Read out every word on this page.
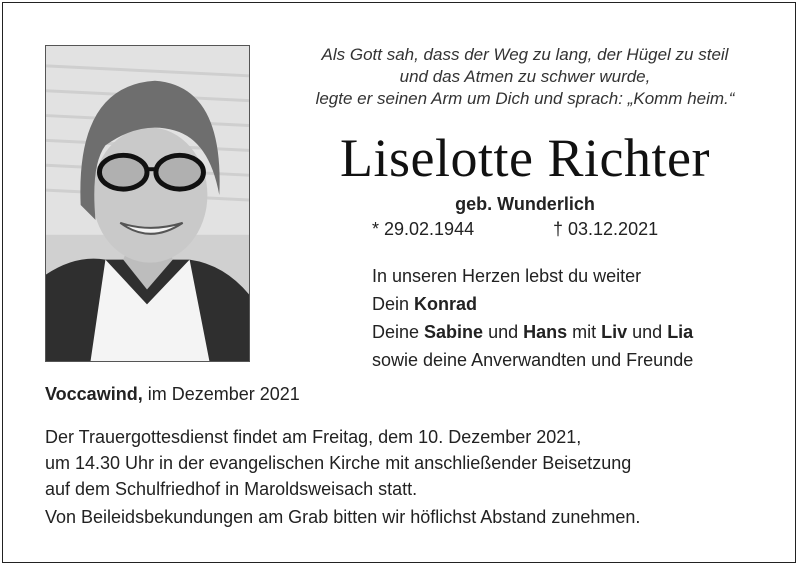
Als Gott sah, dass der Weg zu lang, der Hügel zu steil
und das Atmen zu schwer wurde,
legte er seinen Arm um Dich und sprach: „Komm heim.“
Liselotte Richter
geb. Wunderlich
* 29.02.1944	† 03.12.2021
In unseren Herzen lebst du weiter
Dein Konrad
Deine Sabine und Hans mit Liv und Lia
sowie deine Anverwandten und Freunde
Voccawind, im Dezember 2021
Der Trauergottesdienst findet am Freitag, dem 10. Dezember 2021,
um 14.30 Uhr in der evangelischen Kirche mit anschließender Beisetzung
auf dem Schulfriedhof in Maroldsweisach statt.
Von Beileidsbekundungen am Grab bitten wir höflichst Abstand zunehmen.
